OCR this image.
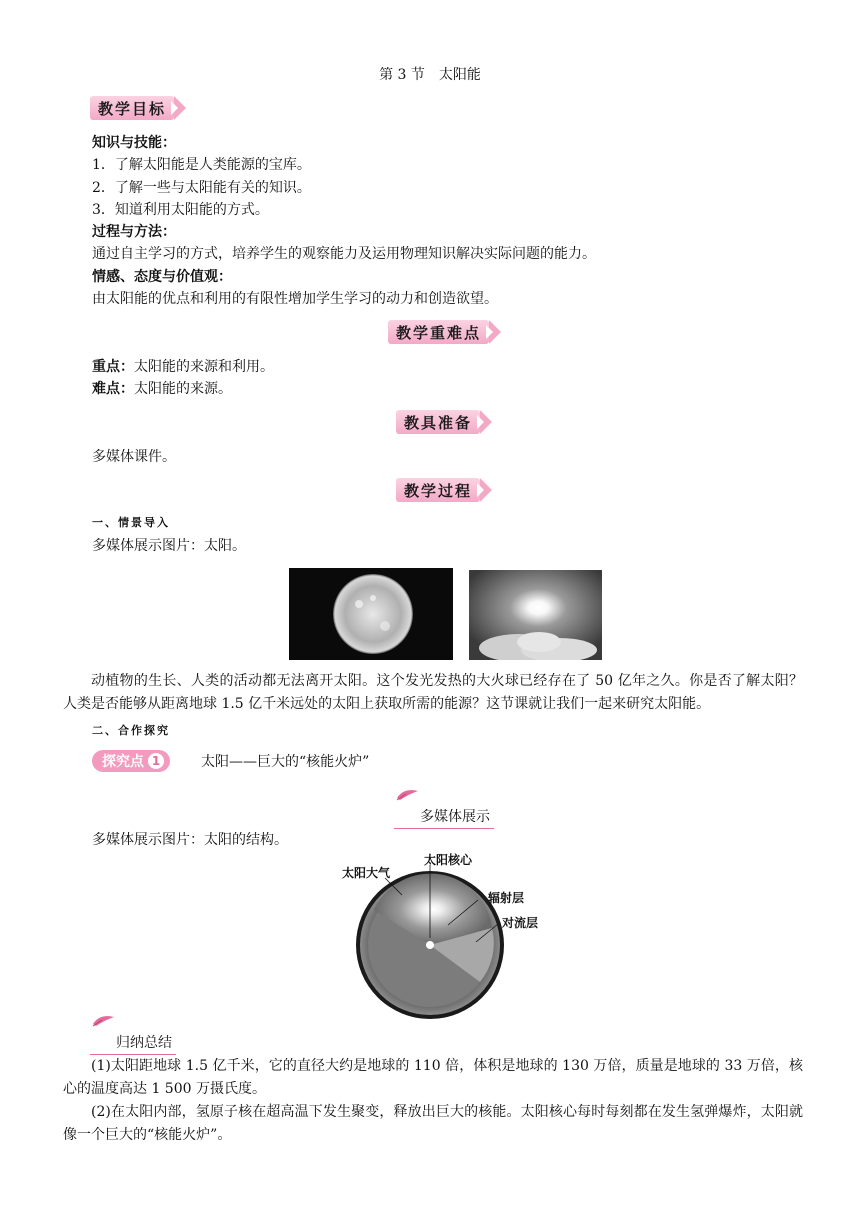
第 3 节　太阳能
教学目标
知识与技能：
1．了解太阳能是人类能源的宝库。
2．了解一些与太阳能有关的知识。
3．知道利用太阳能的方式。
过程与方法：
通过自主学习的方式，培养学生的观察能力及运用物理知识解决实际问题的能力。
情感、态度与价值观：
由太阳能的优点和利用的有限性增加学生学习的动力和创造欲望。
教学重难点
重点：太阳能的来源和利用。
难点：太阳能的来源。
教具准备
多媒体课件。
教学过程
一、情景导入
多媒体展示图片：太阳。
动植物的生长、人类的活动都无法离开太阳。这个发光发热的大火球已经存在了 50 亿年之久。你是否了解太阳？人类是否能够从距离地球 1.5 亿千米远处的太阳上获取所需的能源？这节课就让我们一起来研究太阳能。
二、合作探究
探究点 1	太阳——巨大的“核能火炉”
多媒体展示
多媒体展示图片：太阳的结构。
太阳大气
太阳核心
辐射层
对流层
归纳总结
(1)太阳距地球 1.5 亿千米，它的直径大约是地球的 110 倍，体积是地球的 130 万倍，质量是地球的 33 万倍，核心的温度高达 1 500 万摄氏度。
(2)在太阳内部，氢原子核在超高温下发生聚变，释放出巨大的核能。太阳核心每时每刻都在发生氢弹爆炸，太阳就像一个巨大的“核能火炉”。
